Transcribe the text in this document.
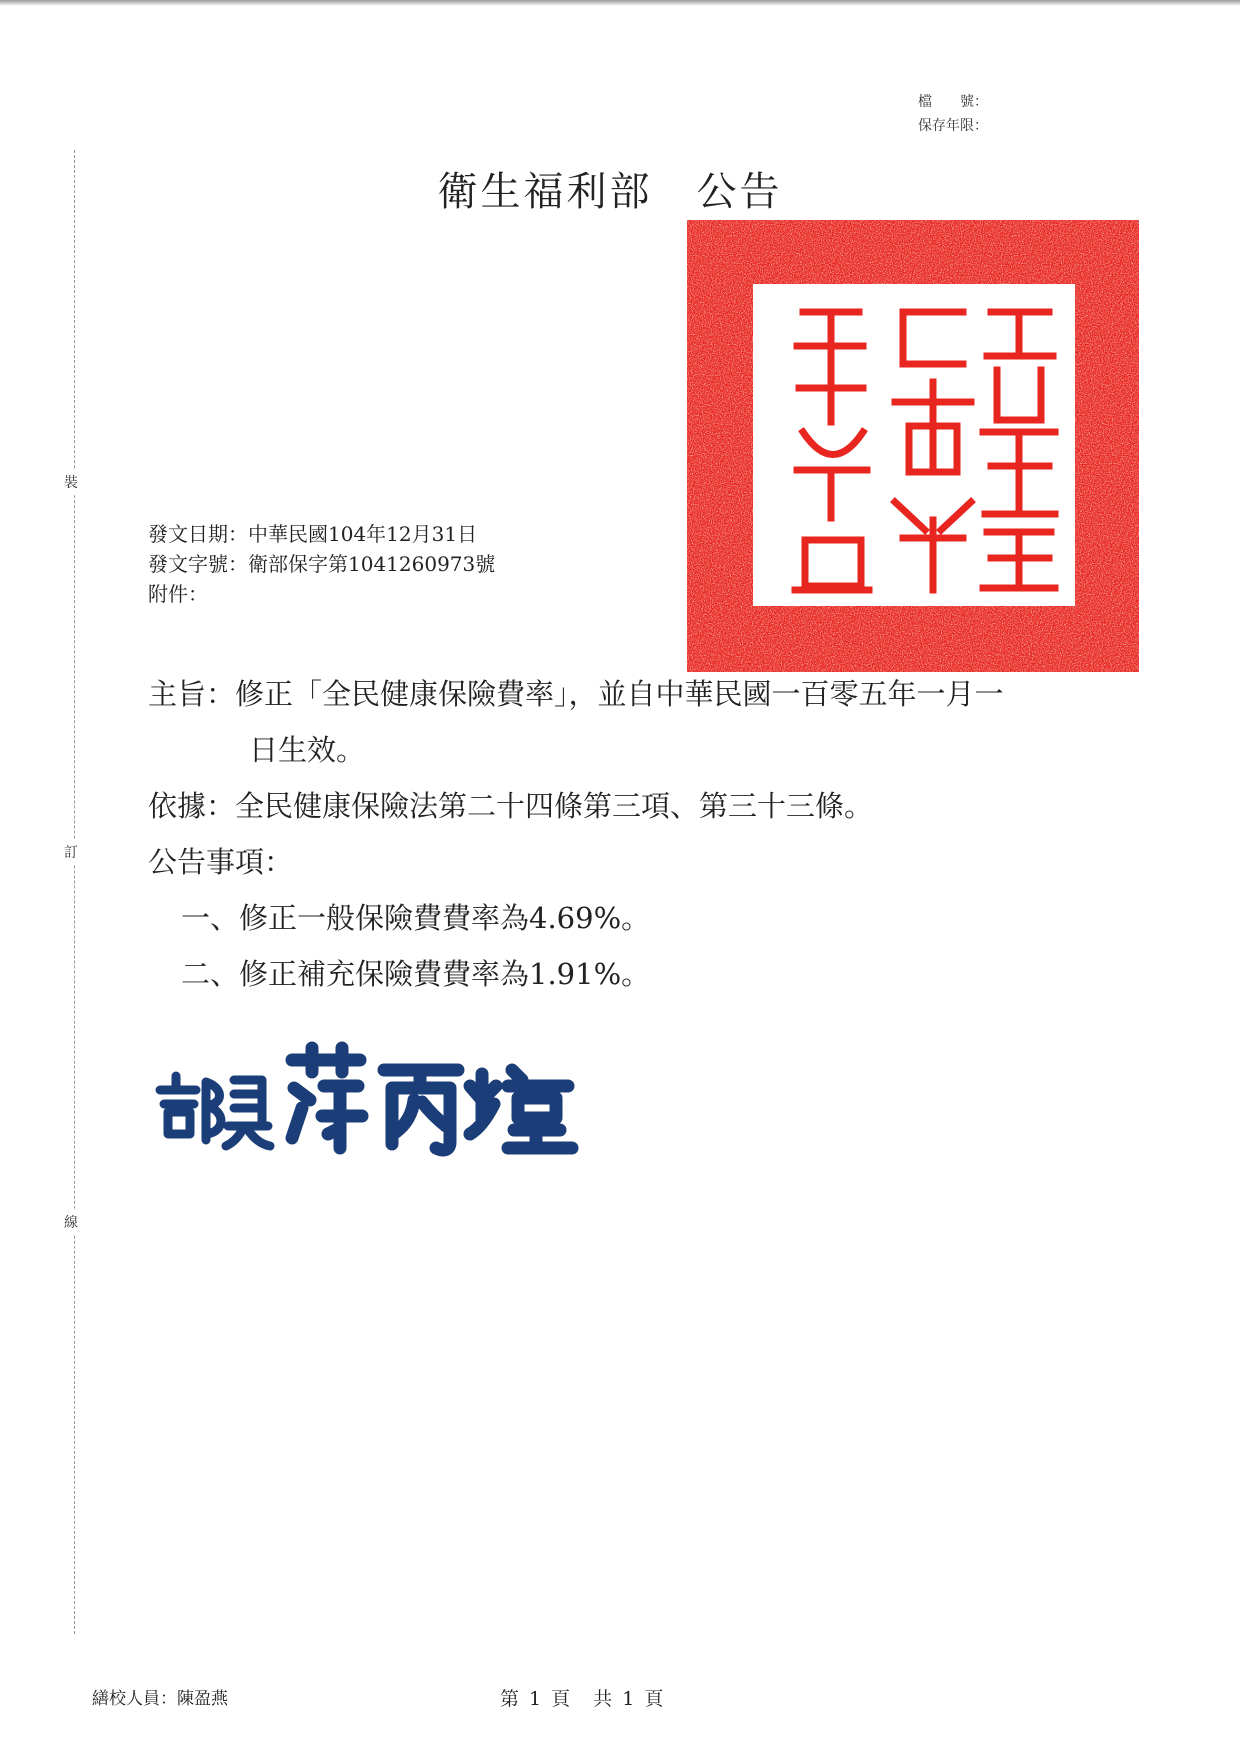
檔　　號：
保存年限：
裝
訂
線
衛生福利部 公告
發文日期：中華民國104年12月31日
發文字號：衛部保字第1041260973號
附件：
主旨：修正「全民健康保險費率」，並自中華民國一百零五年一月一
日生效。
依據：全民健康保險法第二十四條第三項、第三十三條。
公告事項：
一、修正一般保險費費率為4.69%。
二、修正補充保險費費率為1.91%。
繕校人員：陳盈燕	第 1 頁　共 1 頁
